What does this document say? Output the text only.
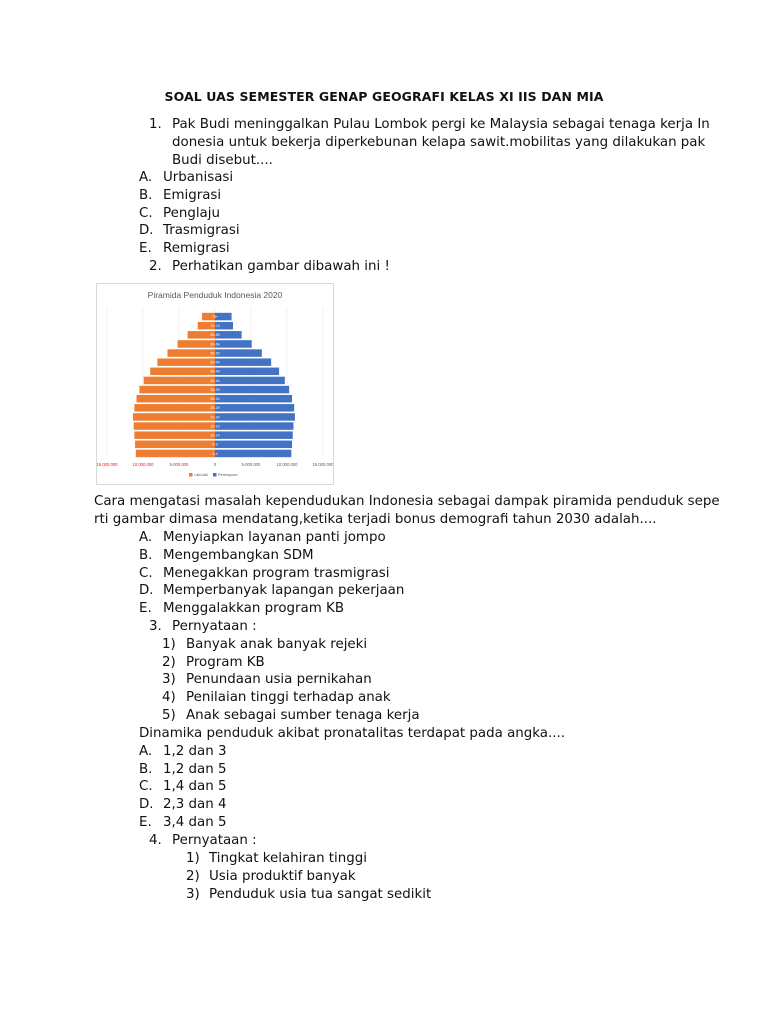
SOAL UAS SEMESTER GENAP GEOGRAFI KELAS XI IIS DAN MIA
1. Pak Budi meninggalkan Pulau Lombok pergi ke Malaysia sebagai tenaga kerja In
donesia untuk bekerja diperkebunan kelapa sawit.mobilitas yang dilakukan pak
Budi disebut....
A. Urbanisasi
B. Emigrasi
C. Penglaju
D. Trasmigrasi
E. Remigrasi
2. Perhatikan gambar dibawah ini !
Piramida Penduduk Indonesia 2020
0-4
5-9
10-14
15-19
20-24
25-29
30-34
35-39
40-44
45-49
50-54
55-59
60-64
65-69
70-74
75+
15.000.000	10.000.000	5.000.000	0	5.000.000	10.000.000	15.000.000
Laki-laki	Perempuan
Cara mengatasi masalah kependudukan Indonesia sebagai dampak piramida penduduk sepe
rti gambar dimasa mendatang,ketika terjadi bonus demografi tahun 2030 adalah....
A. Menyiapkan layanan panti jompo
B. Mengembangkan SDM
C. Menegakkan program trasmigrasi
D. Memperbanyak lapangan pekerjaan
E. Menggalakkan program KB
3. Pernyataan :
1) Banyak anak banyak rejeki
2) Program KB
3) Penundaan usia pernikahan
4) Penilaian tinggi terhadap anak
5) Anak sebagai sumber tenaga kerja
Dinamika penduduk akibat pronatalitas terdapat pada angka....
A. 1,2 dan 3
B. 1,2 dan 5
C. 1,4 dan 5
D. 2,3 dan 4
E. 3,4 dan 5
4. Pernyataan :
1) Tingkat kelahiran tinggi
2) Usia produktif banyak
3) Penduduk usia tua sangat sedikit
